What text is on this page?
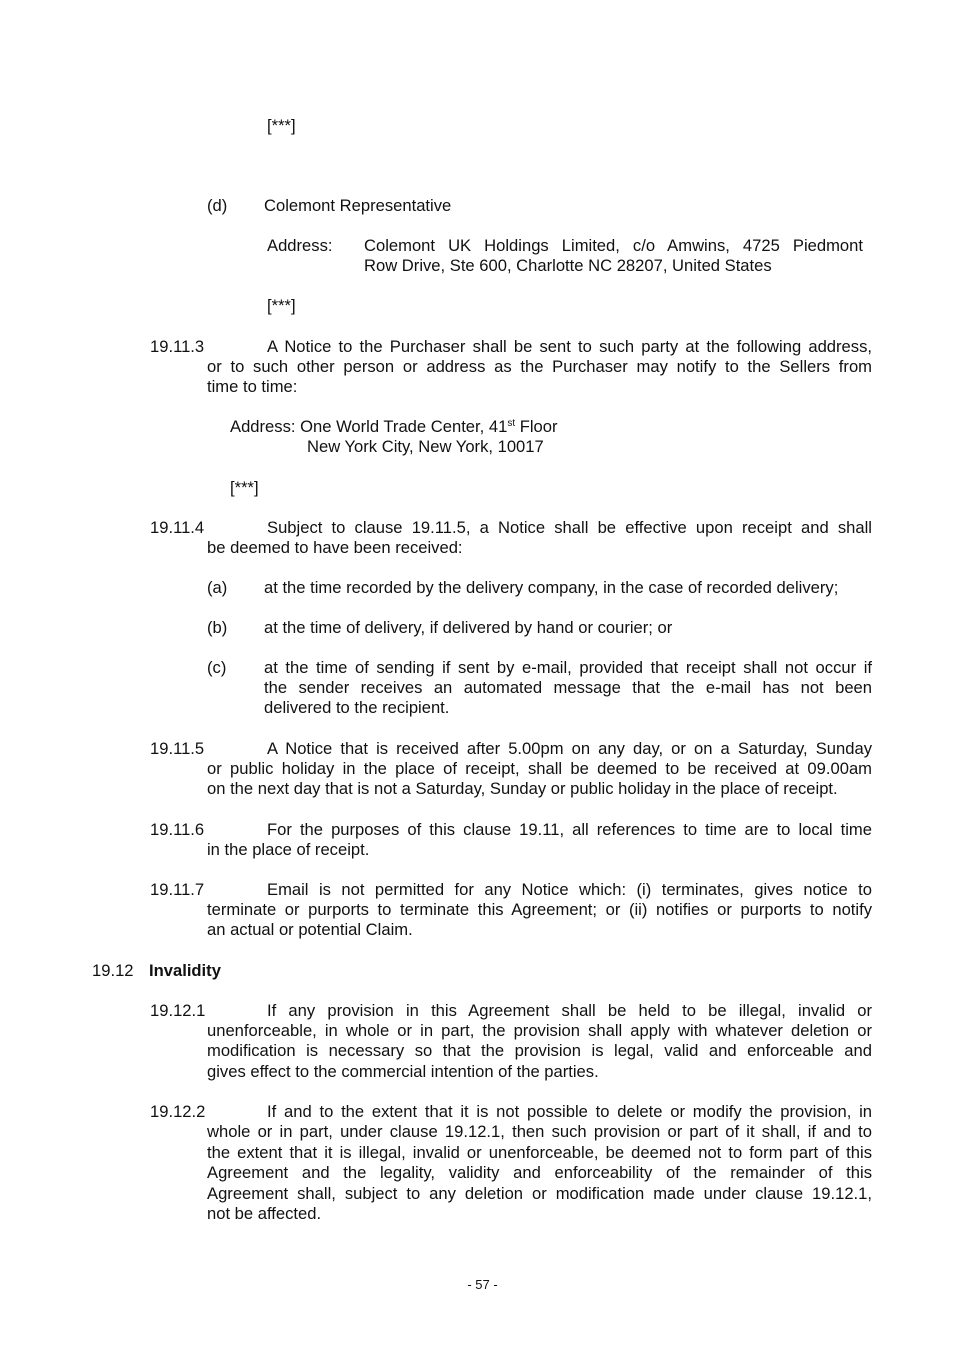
[***]
(d) Colemont Representative
Address: Colemont UK Holdings Limited, c/o Amwins, 4725 Piedmont
Row Drive, Ste 600, Charlotte NC 28207, United States
[***]
19.11.3	A Notice to the Purchaser shall be sent to such party at the following address,
or to such other person or address as the Purchaser may notify to the Sellers from
time to time:
Address: One World Trade Center, 41st Floor
New York City, New York, 10017
[***]
19.11.4	Subject to clause 19.11.5, a Notice shall be effective upon receipt and shall
be deemed to have been received:
(a) at the time recorded by the delivery company, in the case of recorded delivery;
(b) at the time of delivery, if delivered by hand or courier; or
(c) at the time of sending if sent by e-mail, provided that receipt shall not occur if
the sender receives an automated message that the e-mail has not been
delivered to the recipient.
19.11.5	A Notice that is received after 5.00pm on any day, or on a Saturday, Sunday
or public holiday in the place of receipt, shall be deemed to be received at 09.00am
on the next day that is not a Saturday, Sunday or public holiday in the place of receipt.
19.11.6	For the purposes of this clause 19.11, all references to time are to local time
in the place of receipt.
19.11.7	Email is not permitted for any Notice which: (i) terminates, gives notice to
terminate or purports to terminate this Agreement; or (ii) notifies or purports to notify
an actual or potential Claim.
19.12 Invalidity
19.12.1	If any provision in this Agreement shall be held to be illegal, invalid or
unenforceable, in whole or in part, the provision shall apply with whatever deletion or
modification is necessary so that the provision is legal, valid and enforceable and
gives effect to the commercial intention of the parties.
19.12.2	If and to the extent that it is not possible to delete or modify the provision, in
whole or in part, under clause 19.12.1, then such provision or part of it shall, if and to
the extent that it is illegal, invalid or unenforceable, be deemed not to form part of this
Agreement and the legality, validity and enforceability of the remainder of this
Agreement shall, subject to any deletion or modification made under clause 19.12.1,
not be affected.
- 57 -
